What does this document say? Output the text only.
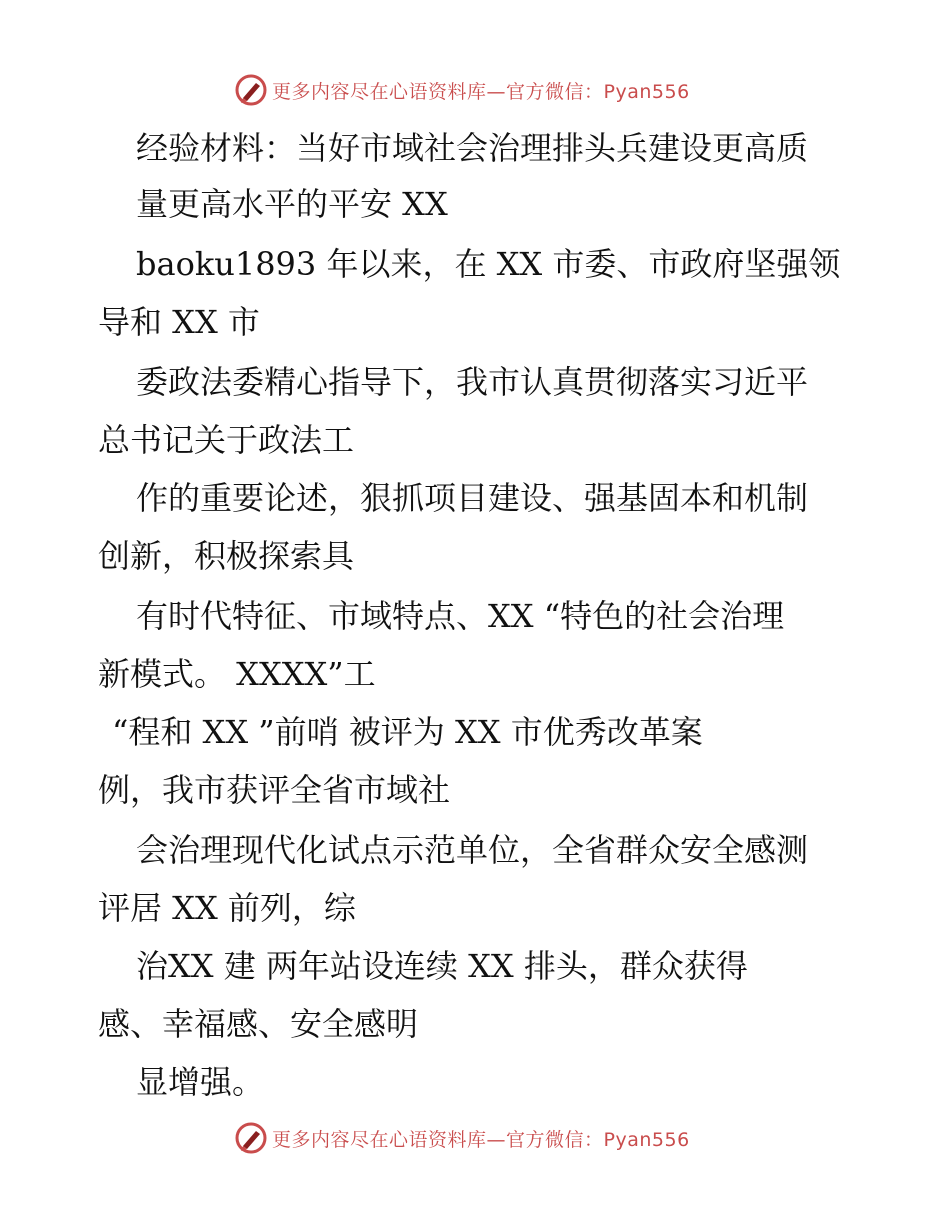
更多内容尽在心语资料库—官方微信：Pyan556
经验材料：当好市域社会治理排头兵建设更高质
量更高水平的平安 XX
baoku1893 年以来，在 XX 市委、市政府坚强领
导和 XX 市
委政法委精心指导下，我市认真贯彻落实习近平
总书记关于政法工
作的重要论述，狠抓项目建设、强基固本和机制
创新，积极探索具
有时代特征、市域特点、XX “特色的社会治理
新模式。 XXXX”工
“程和 XX ”前哨 被评为 XX 市优秀改革案
例，我市获评全省市域社
会治理现代化试点示范单位，全省群众安全感测
评居 XX 前列，综
治XX 建 两年站设连续 XX 排头，群众获得
感、幸福感、安全感明
显增强。
更多内容尽在心语资料库—官方微信：Pyan556
